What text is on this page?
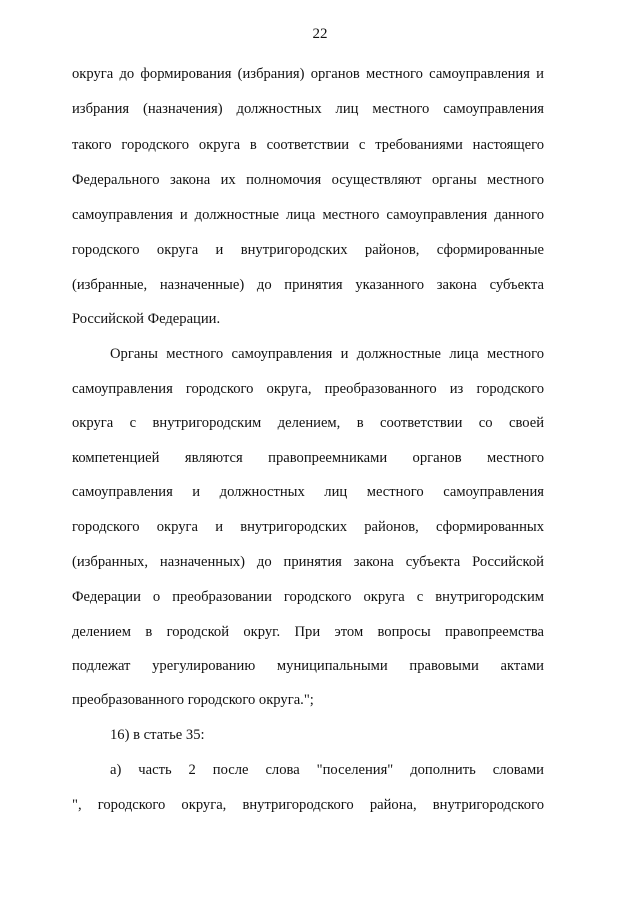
22
округа до формирования (избрания) органов местного самоуправления и
избрания (назначения) должностных лиц местного самоуправления
такого городского округа в соответствии с требованиями настоящего
Федерального закона их полномочия осуществляют органы местного
самоуправления и должностные лица местного самоуправления данного
городского округа и внутригородских районов, сформированные
(избранные, назначенные) до принятия указанного закона субъекта
Российской Федерации.
Органы местного самоуправления и должностные лица местного
самоуправления городского округа, преобразованного из городского
округа с внутригородским делением, в соответствии со своей
компетенцией являются правопреемниками органов местного
самоуправления и должностных лиц местного самоуправления
городского округа и внутригородских районов, сформированных
(избранных, назначенных) до принятия закона субъекта Российской
Федерации о преобразовании городского округа с внутригородским
делением в городской округ. При этом вопросы правопреемства
подлежат урегулированию муниципальными правовыми актами
преобразованного городского округа.";
16) в статье 35:
а) часть 2 после слова "поселения" дополнить словами
", городского округа, внутригородского района, внутригородского
